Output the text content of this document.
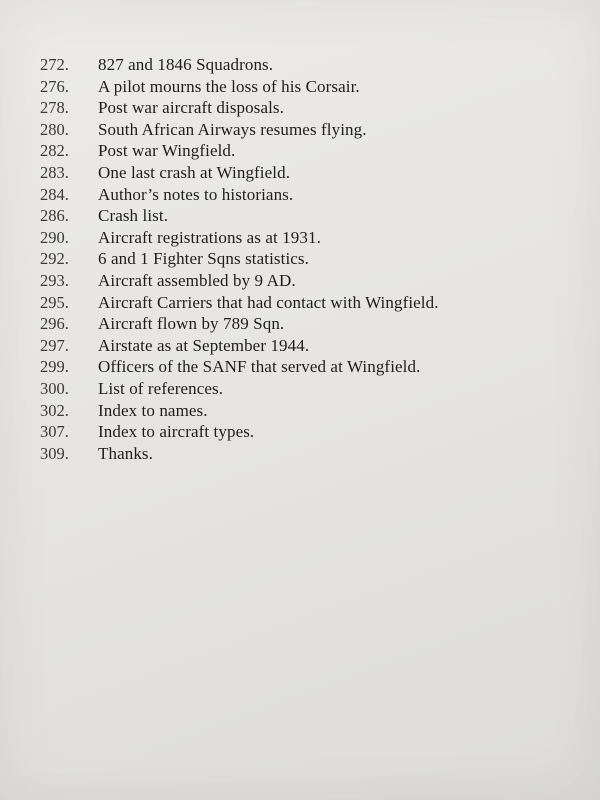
272.	827 and 1846 Squadrons.
276.	A pilot mourns the loss of his Corsair.
278.	Post war aircraft disposals.
280.	South African Airways resumes flying.
282.	Post war Wingfield.
283.	One last crash at Wingfield.
284.	Author’s notes to historians.
286.	Crash list.
290.	Aircraft registrations as at 1931.
292.	6 and 1 Fighter Sqns statistics.
293.	Aircraft assembled by 9 AD.
295.	Aircraft Carriers that had contact with Wingfield.
296.	Aircraft flown by 789 Sqn.
297.	Airstate as at September 1944.
299.	Officers of the SANF that served at Wingfield.
300.	List of references.
302.	Index to names.
307.	Index to aircraft types.
309.	Thanks.
